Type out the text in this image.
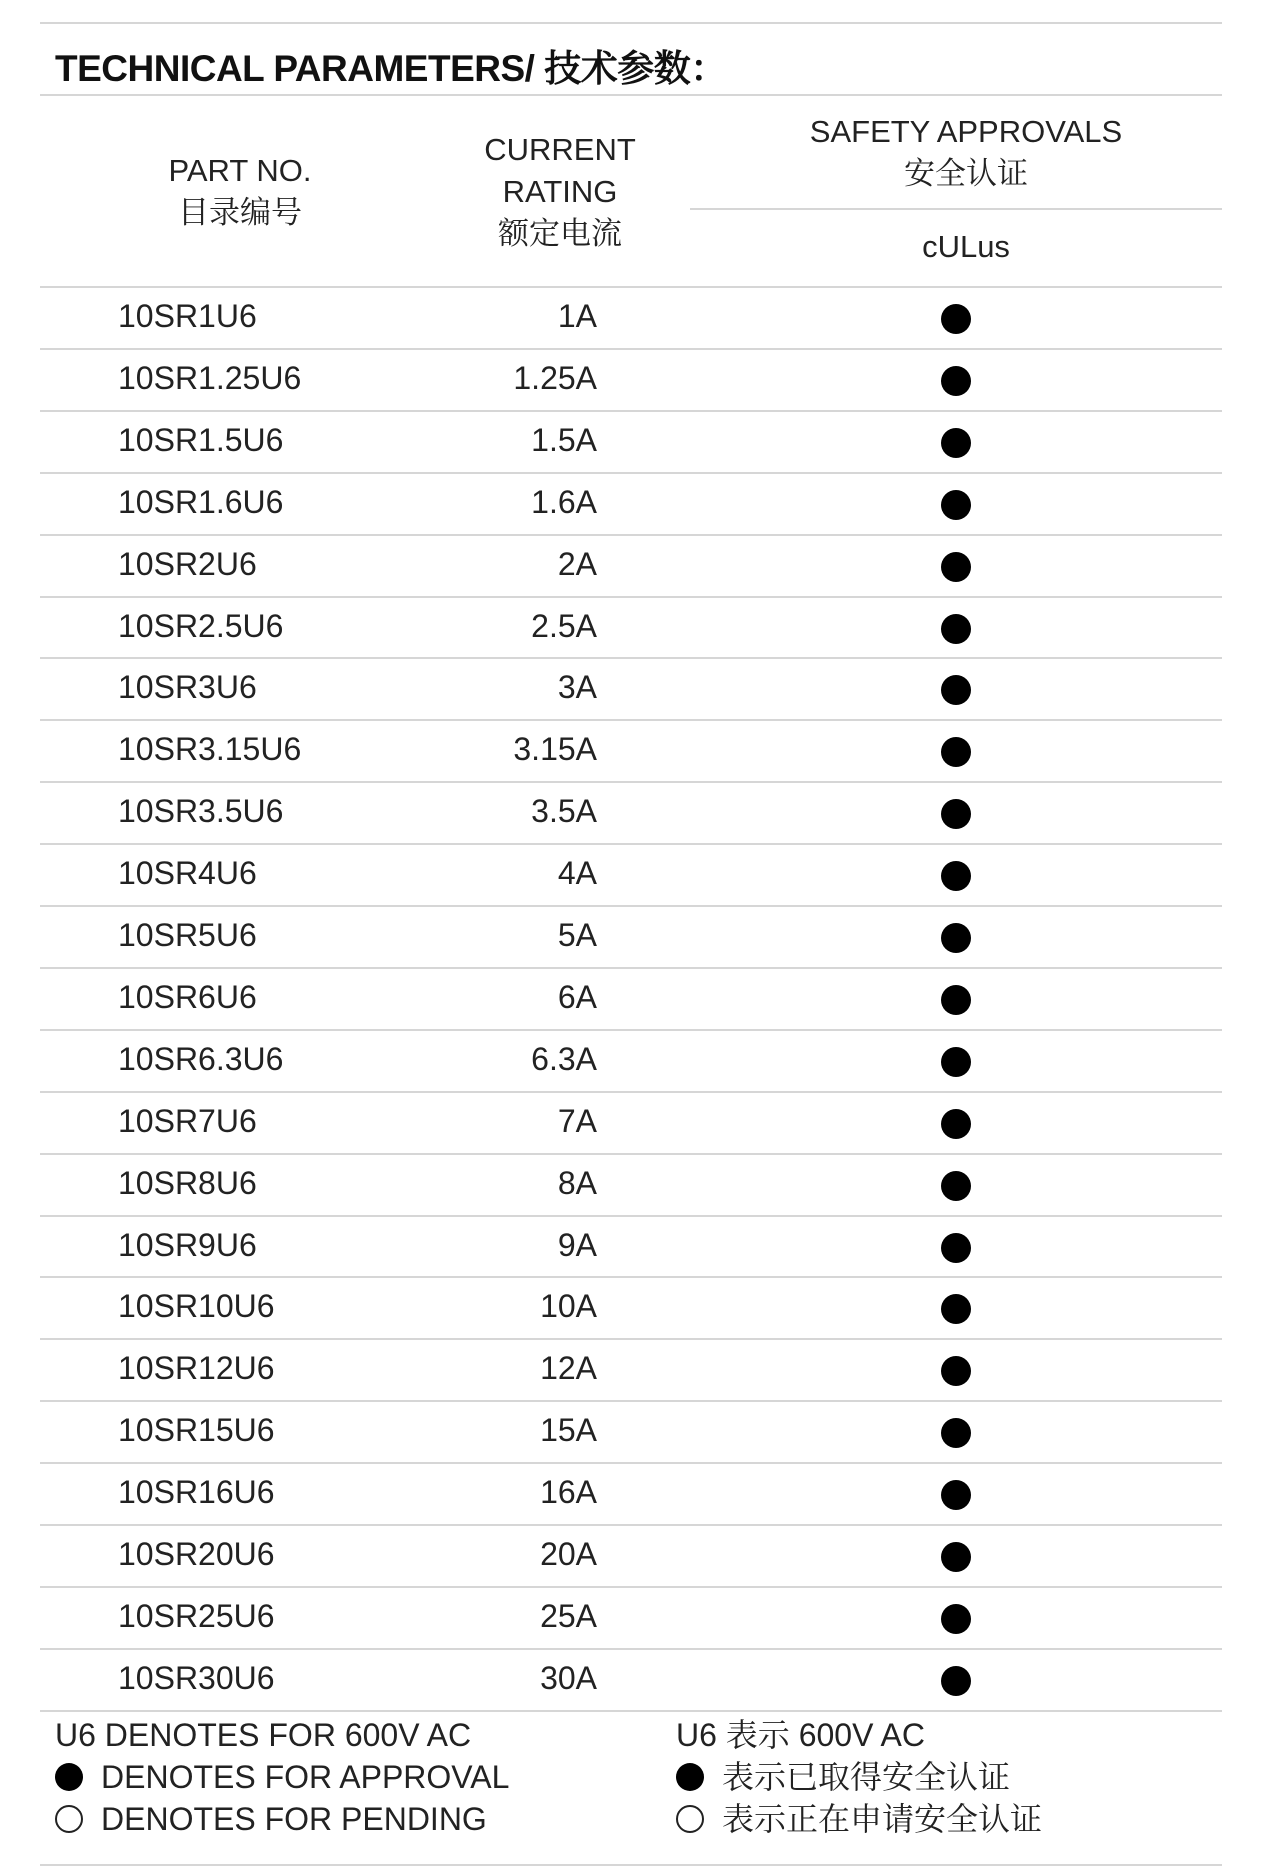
TECHNICAL PARAMETERS/ 技术参数：
PART NO.
目录编号
CURRENT
RATING
额定电流
SAFETY APPROVALS
安全认证
cULus
10SR1U6	1A
10SR1.25U6	1.25A
10SR1.5U6	1.5A
10SR1.6U6	1.6A
10SR2U6	2A
10SR2.5U6	2.5A
10SR3U6	3A
10SR3.15U6	3.15A
10SR3.5U6	3.5A
10SR4U6	4A
10SR5U6	5A
10SR6U6	6A
10SR6.3U6	6.3A
10SR7U6	7A
10SR8U6	8A
10SR9U6	9A
10SR10U6	10A
10SR12U6	12A
10SR15U6	15A
10SR16U6	16A
10SR20U6	20A
10SR25U6	25A
10SR30U6	30A
U6 DENOTES FOR 600V AC
DENOTES FOR APPROVAL
DENOTES FOR PENDING
U6 表示 600V AC
表示已取得安全认证
表示正在申请安全认证
